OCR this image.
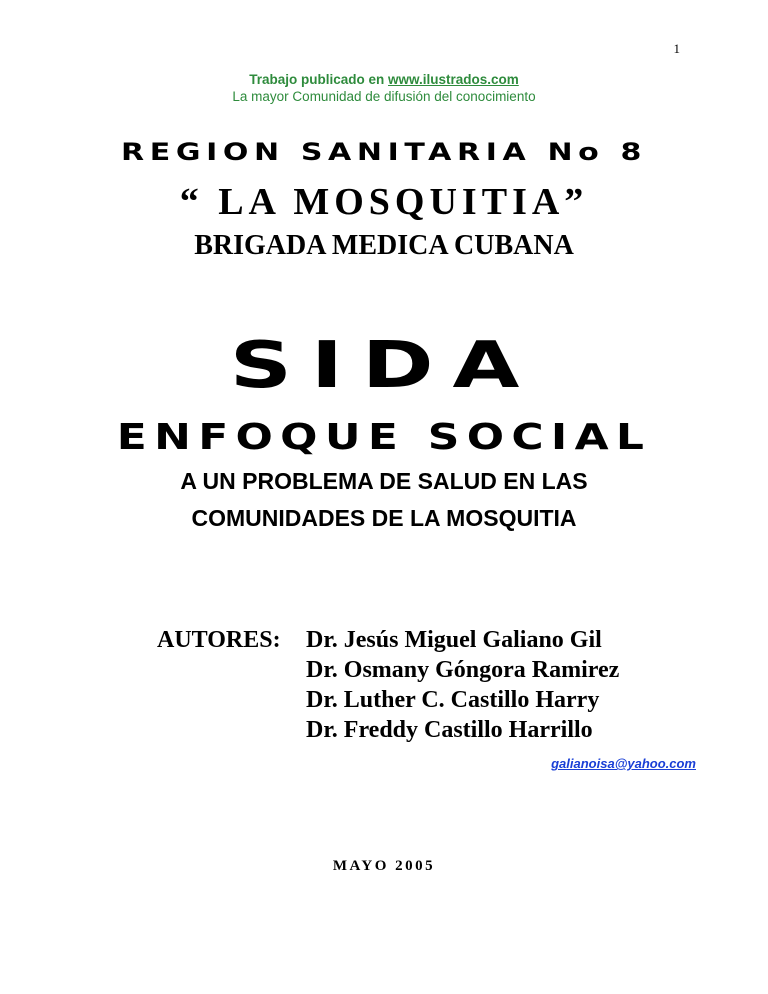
1
Trabajo publicado en www.ilustrados.com
La mayor Comunidad de difusión del conocimiento
REGION SANITARIA No 8
“ LA MOSQUITIA”
BRIGADA MEDICA CUBANA
SIDA
ENFOQUE SOCIAL
A UN PROBLEMA DE SALUD EN LAS
COMUNIDADES DE LA MOSQUITIA
AUTORES: Dr. Jesús Miguel Galiano Gil
Dr. Osmany Góngora Ramirez
Dr. Luther C. Castillo Harry
Dr. Freddy Castillo Harrillo
galianoisa@yahoo.com
MAYO 2005
